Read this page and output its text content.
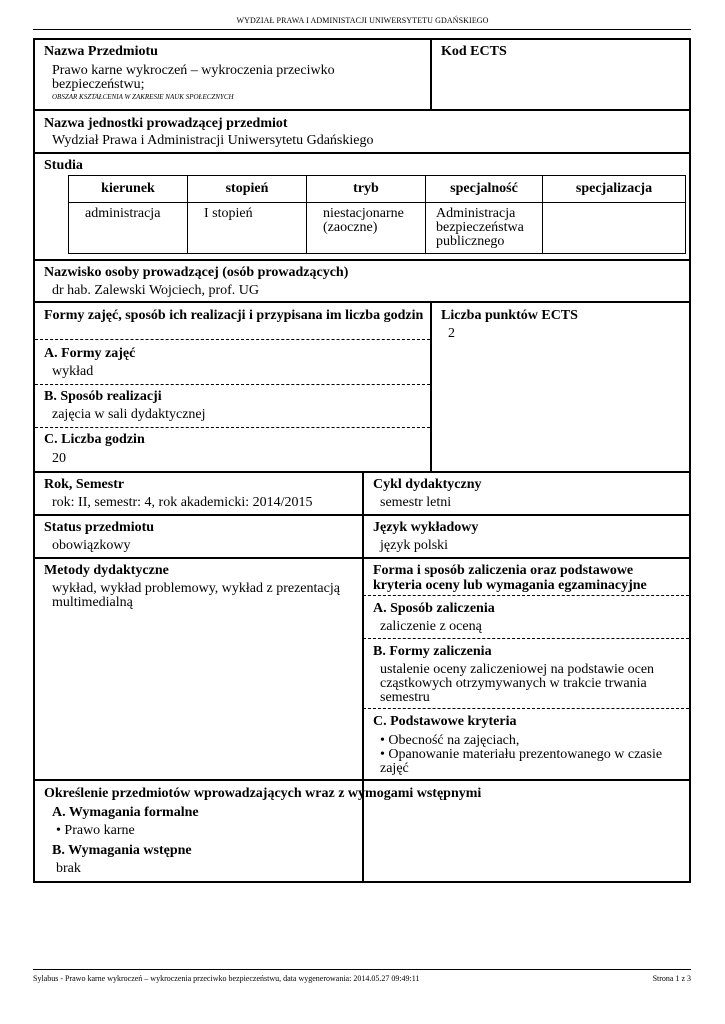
WYDZIAŁ PRAWA I ADMINISTACJI UNIWERSYTETU GDAŃSKIEGO
Nazwa Przedmiotu
Prawo karne wykroczeń – wykroczenia przeciwko bezpieczeństwu;
OBSZAR KSZTAŁCENIA W ZAKRESIE NAUK SPOŁECZNYCH
Kod ECTS
Nazwa jednostki prowadzącej przedmiot
Wydział Prawa i Administracji Uniwersytetu Gdańskiego
Studia
kierunek	stopień	tryb	specjalność	specjalizacja
administracja	I stopień	niestacjonarne (zaoczne)	Administracja bezpieczeństwa publicznego	
Nazwisko osoby prowadzącej (osób prowadzących)
dr hab. Zalewski Wojciech, prof. UG
Formy zajęć, sposób ich realizacji i przypisana im liczba godzin
A. Formy zajęć
wykład
B. Sposób realizacji
zajęcia w sali dydaktycznej
C. Liczba godzin
20
Liczba punktów ECTS
2
Rok, Semestr
rok: II, semestr: 4, rok akademicki: 2014/2015
Cykl dydaktyczny
semestr letni
Status przedmiotu
obowiązkowy
Język wykładowy
język polski
Metody dydaktyczne
wykład, wykład problemowy, wykład z prezentacją multimedialną
Forma i sposób zaliczenia oraz podstawowe kryteria oceny lub wymagania egzaminacyjne
A. Sposób zaliczenia
zaliczenie z oceną
B. Formy zaliczenia
ustalenie oceny zaliczeniowej na podstawie ocen cząstkowych otrzymywanych w trakcie trwania semestru
C. Podstawowe kryteria
• Obecność na zajęciach,
• Opanowanie materiału prezentowanego w czasie zajęć
Określenie przedmiotów wprowadzających wraz z wymogami wstępnymi
A. Wymagania formalne
• Prawo karne
B. Wymagania wstępne
brak
Sylabus - Prawo karne wykroczeń – wykroczenia przeciwko bezpieczeństwu, data wygenerowania: 2014.05.27 09:49:11	Strona 1 z 3
